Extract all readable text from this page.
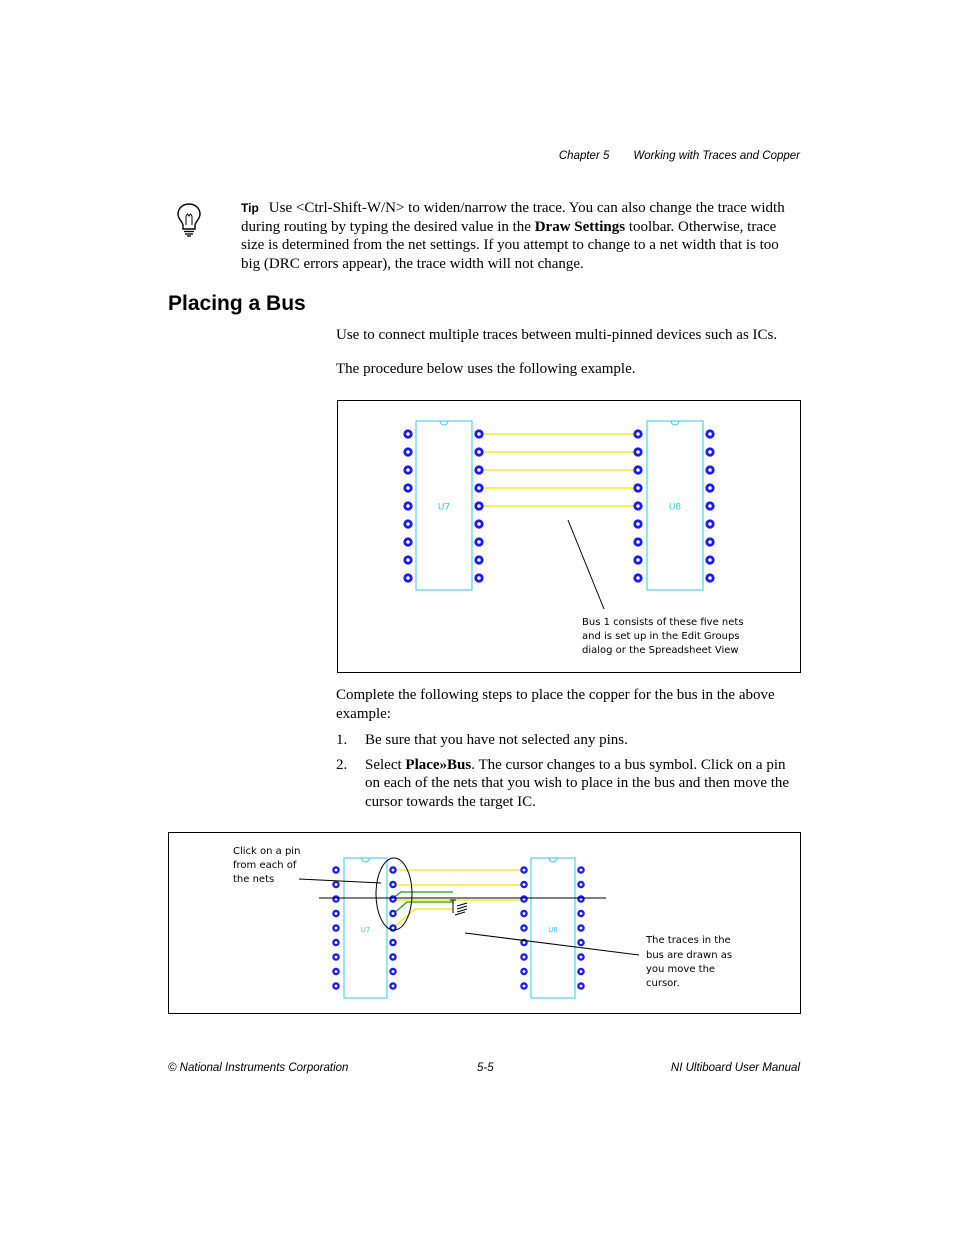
Chapter 5 Working with Traces and Copper
Tip Use <Ctrl-Shift-W/N> to widen/narrow the trace. You can also change the trace width during routing by typing the desired value in the Draw Settings toolbar. Otherwise, trace size is determined from the net settings. If you attempt to change to a net width that is too big (DRC errors appear), the trace width will not change.
Placing a Bus

Use to connect multiple traces between multi-pinned devices such as ICs.

The procedure below uses the following example.

U7	U8
Bus 1 consists of these five nets
and is set up in the Edit Groups
dialog or the Spreadsheet View

Complete the following steps to place the copper for the bus in the above example:

1. Be sure that you have not selected any pins.
2. Select Place»Bus. The cursor changes to a bus symbol. Click on a pin on each of the nets that you wish to place in the bus and then move the cursor towards the target IC.
U7	U8
Click on a pin
from each of
the nets
The traces in the
bus are drawn as
you move the
cursor.
© National Instruments Corporation	5-5	NI Ultiboard User Manual
